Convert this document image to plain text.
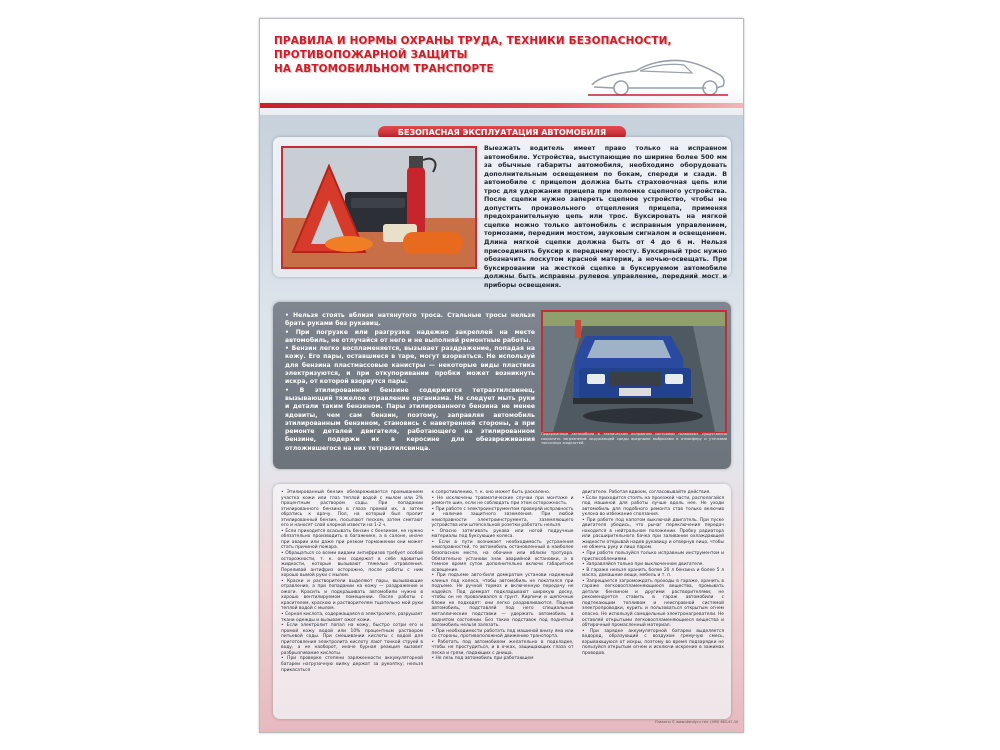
ПРАВИЛА И НОРМЫ ОХРАНЫ ТРУДА, ТЕХНИКИ БЕЗОПАСНОСТИ,
ПРОТИВОПОЖАРНОЙ ЗАЩИТЫ
НА АВТОМОБИЛЬНОМ ТРАНСПОРТЕ
БЕЗОПАСНАЯ ЭКСПЛУАТАЦИЯ АВТОМОБИЛЯ
Выезжать водитель имеет право только на исправном автомобиле. Устройства, выступающие по ширине более 500 мм за обычные габариты автомобиля, необходимо оборудовать дополнительным освещением по бокам, спереди и сзади. В автомобиле с прицепом должна быть страховочная цепь или трос для удержания прицепа при поломке сцепного устройства. После сцепки нужно запереть сцепное устройство, чтобы не допустить произвольного отцепления прицепа, применяя предохранительную цепь или трос. Буксировать на мягкой сцепке можно только автомобиль с исправным управлением, тормозами, передним мостом, звуковым сигналом и освещением. Длина мягкой сцепки должна быть от 4 до 6 м. Нельзя присоединять буксир к переднему мосту. Буксирный трос нужно обозначить лоскутом красной материи, а ночью-освещать. При буксировании на жесткой сцепке в буксируемом автомобиле должны быть исправны рулевое управление, передний мост и приборы освещения.

• Нельзя стоять вблизи натянутого троса. Стальные тросы нельзя брать руками без рукавиц.

• При погрузке или разгрузке надежно закреплей на месте автомобиль, не отлучайся от него и не выполняй ремонтные работы.

• Бензин легко воспламеняется, вызывает раздражение, попадая на кожу. Его пары, оставшиеся в таре, могут взорваться. Не используй для бензина пластмассовые канистры — некоторые виды пластика электризуются, и при откупоривании пробки может возникнуть искра, от которой взорвутся пары.

• В этилированном бензине содержится тетраэтилсвинец, вызывающий тяжелое отравление организма. Не следует мыть руки и детали таким бензином. Пары этилированного бензина не менее ядовиты, чем сам бензин, поэтому, заправляя автомобиль этилированным бензином, становись с наветренной стороны, а при ремонте деталей двигателя, работающего на этилированном бензине, подержи их в керосине для обезвреживания отложившегося на них тетраэтилсвинца.

Подержанные автомобили в техническом исправном состоянии позволяют существенно сократить загрязнение окружающей среды вредными выбросами в атмосферу и утечками токсичных жидкостей.

• Этилированный бензин обезвреживается промыванием участка кожи или глаз теплой водой с мылом или 2% процентным раствором соды. При попадании этилированного бензина в глаза промой их, а затем обратись к врачу. Пол, на который был пролит этилированный бензин, посыпают песком, затем сметают его и наносят слой хлорной извести на 1-2 ч.

• Если приходится всасывать бензин с бензином, не нужно обязательно производить в багажнике, а в салоне, иначе при аварии или даже при резком торможении они может стать причиной пожара.

• Обращаться со всеми видами антифризов требует особой осторожности, т. к. они содержат в себе ядовитые жидкости, которые вызывают тяжелые отравления. Переливай антифриз осторожно, после работы с ним хорошо вымой руки с мылом.

• Краски и растворители выделяют пары, вызывающие отравление, а при попадании на кожу — раздражение и ожоги. Красить и подкрашивать автомобили нужно в хорошо вентилируемом помещении. После работы с красителем, краскою и растворителем тщательно мой руки теплой водой с мылом.

• Серная кислота, содержащаяся в электролите, разрушает ткани одежды и вызывает ожог кожи.

• Если электролит попал на кожу, быстро сотри его и промой кожу водой или 10% процентным раствором питьевой соды. При смешивании кислоты с водой для приготовления электролита кислоту лают тонкой струей в воду, а не наоборот, иначе бурная реакция вызовет разбрызгивание кислоты.

• При проверке степени заряженности аккумуляторной батареи нагрузочную вилку держат за рукоятку; нельзя прикасаться

к сопротивлению, т. к. оно может быть раскалено.

• Не исключены травматические случаи при монтаже и ремонте шин, если не соблюдать при этом осторожность.

• При работе с электроинструментом проверяй исправность и наличие защитного заземления. При любой неисправности электроинструмента, заземляющего устройства или штепсельной розетки работать нельзя.

• Опасно затягивать рукава или ногой подручные материалы под буксующие колеса.

• Если в пути возникает необходимость устранения неисправностей, то автомобиль остановленный в наиболее безопасном месте, на обочине или вблизи тротуара. Обязательно установи знак аварийной остановки, а в темное время суток дополнительно включи габаритное освещение.

• При подъеме авто-биля домкратом установи надежный клинья под колеса, чтобы автомобиль не покатился при подъеме. Не ручной тормоз и включенную передачу не надейся. Под домкрат подкладывают широкую доску, чтобы он не проваливался в грунт. Кирпичи и щепочные блоки не подходят: они легко раздавливаются. Подняв автомобиль, подставляй под него специальные металлические подставки — удержать автомобиль в поднятом состоянии. Без таких подставок под поднятый автомобиль нельзя залезать.

• При необходимости работать под машиной внизу яма или со стороны, противоположной движению транспорта.

• Работать под автомобилем желательно в подкладке, чтобы не простудиться, и в очках, защищающих глаза от песка и грязи, падающих с днища.

• Не лезь под автомобиль при работающем

двигателе. Работая вдвоем, согласовывайте действия.

• Если приходится стоять на проезжей части, располагайся под машиной для работы лучше вдоль нее. Не уходи автомобиль для подобного ремонта став только включив уклона во избежание сползания.

• При работе под капотом выключай двигатель. При пуске двигателя убедись, что рычаг переключения передач находится в нейтральном положении. Пробку радиатора или расширительного бачка при заливании охлаждающей жидкости открывай надев рукавицу и отвернув лицо, чтобы не обжечь руку и лицо паром.

• При работе пользуйся только исправным инструментом и приспособлениями.

• Заправляйся только при выключенном двигателе.

• В гараже нельзя хранить более 20 л бензина и более 5 л масла, домашние вещи, мебель и т. п.

• Запрещается загромождать проходы в гараже, хранить в гараже легковоспламеняющиеся вещества, промывать детали бензином и другими растворителями; не рекомендуется ставить в гараж автомобили с подтекающим топливом и неисправной системой электропроводки, курить и пользоваться открытым огнем опасно. Не используй самодельные электронагреватели. Не оставляй открытыми легковоспламеняющиеся вещества и обтирочный промасленный материал.

• При зарядке аккумуляторной батареи выделяется водород, образующий с воздухом гремучую смесь, взрывающуюся от искры, поэтому во время подзарядки не пользуйся открытым огнем и исключи искрение в зажимах проводов.

Плакаты © www.stendy.ru тел. (495) 663-47-30
